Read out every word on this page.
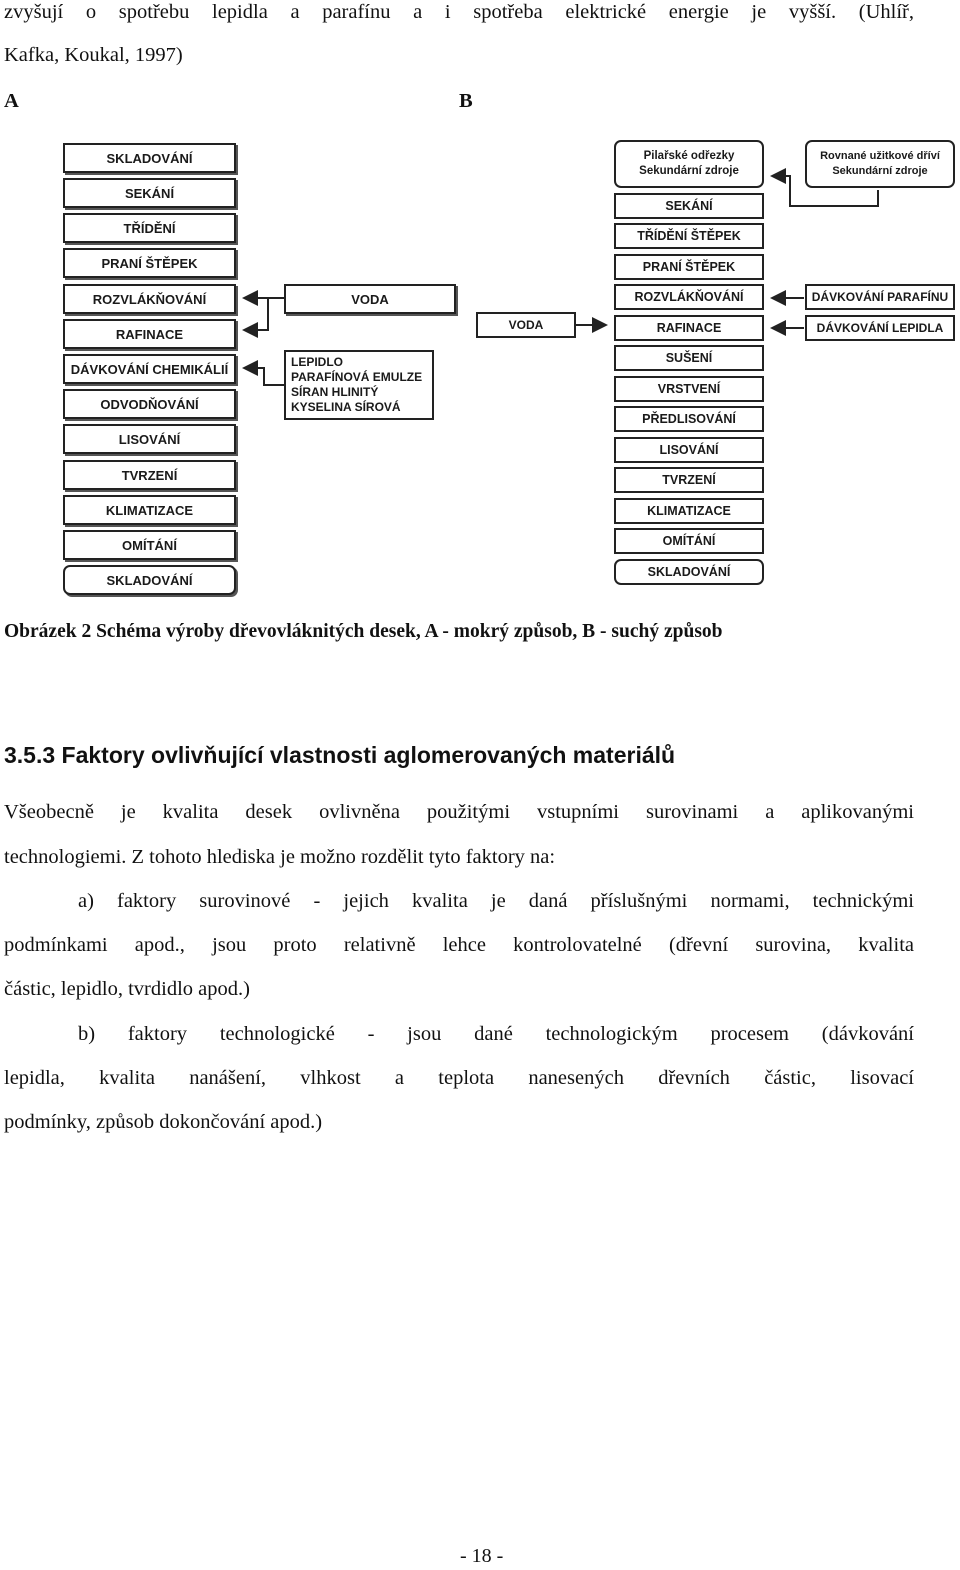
zvyšují o spotřebu lepidla a parafínu a i spotřeba elektrické energie je vyšší. (Uhlíř,
Kafka, Koukal, 1997)
A	B
SKLADOVÁNÍ
SEKÁNÍ
TŘÍDĚNÍ
PRANÍ ŠTĚPEK
ROZVLÁKŇOVÁNÍ
RAFINACE
DÁVKOVÁNÍ CHEMIKÁLIÍ
ODVODŇOVÁNÍ
LISOVÁNÍ
TVRZENÍ
KLIMATIZACE
OMÍTÁNÍ
SKLADOVÁNÍ
VODA
LEPIDLO
PARAFÍNOVÁ EMULZE
SÍRAN HLINITÝ
KYSELINA SÍROVÁ
VODA
Pilařské odřezky
Sekundární zdroje
Rovnané užitkové dříví
Sekundární zdroje
SEKÁNÍ
TŘÍDĚNÍ ŠTĚPEK
PRANÍ ŠTĚPEK
ROZVLÁKŇOVÁNÍ
RAFINACE
SUŠENÍ
VRSTVENÍ
PŘEDLISOVÁNÍ
LISOVÁNÍ
TVRZENÍ
KLIMATIZACE
OMÍTÁNÍ
SKLADOVÁNÍ
DÁVKOVÁNÍ PARAFÍNU
DÁVKOVÁNÍ LEPIDLA
Obrázek 2 Schéma výroby dřevovláknitých desek, A - mokrý způsob, B - suchý způsob
3.5.3 Faktory ovlivňující vlastnosti aglomerovaných materiálů
Všeobecně je kvalita desek ovlivněna použitými vstupními surovinami a aplikovanými
technologiemi. Z tohoto hlediska je možno rozdělit tyto faktory na:
a) faktory surovinové - jejich kvalita je daná příslušnými normami, technickými
podmínkami apod., jsou proto relativně lehce kontrolovatelné (dřevní surovina, kvalita
částic, lepidlo, tvrdidlo apod.)
b) faktory technologické - jsou dané technologickým procesem (dávkování
lepidla, kvalita nanášení, vlhkost a teplota nanesených dřevních částic, lisovací
podmínky, způsob dokončování apod.)
- 18 -
